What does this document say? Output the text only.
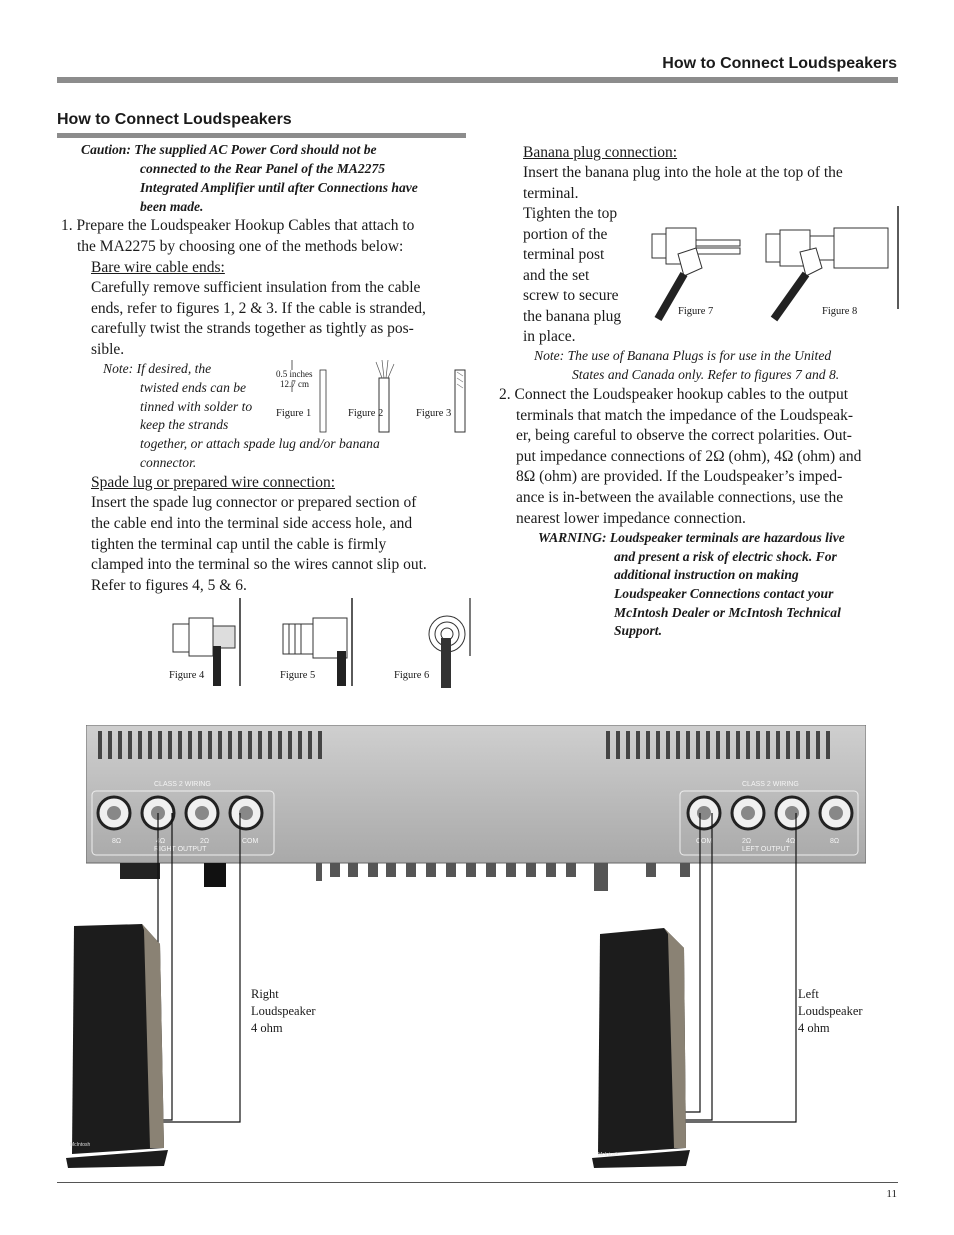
How to Connect Loudspeakers
How to Connect Loudspeakers
Caution: The supplied AC Power Cord should not be
connected to the Rear Panel of the MA2275
Integrated Amplifier until after Connections have
been made.
1. Prepare the Loudspeaker Hookup Cables that attach to
the MA2275 by choosing one of the methods below:
Bare wire cable ends:
Carefully remove sufficient insulation from the cable
ends, refer to figures 1, 2 & 3. If the cable is stranded,
carefully twist the strands together as tightly as pos-
sible.
Note: If desired, the
twisted ends can be
tinned with solder to
keep the strands
together, or attach spade lug and/or banana
connector.
0.5 inches
12.7 cm
Figure 1	Figure 2	Figure 3
Spade lug or prepared wire connection:
Insert the spade lug connector or prepared section of
the cable end into the terminal side access hole, and
tighten the terminal cap until the cable is firmly
clamped into the terminal so the wires cannot slip out.
Refer to figures 4, 5 & 6.
Figure 4	Figure 5	Figure 6
Banana plug connection:
Insert the banana plug into the hole at the top of the
terminal.
Tighten the top
portion of the
terminal post
and the set
screw to secure
the banana plug
in place.
Figure 7	Figure 8
Note: The use of Banana Plugs is for use in the United
States and Canada only. Refer to figures 7 and 8.
2. Connect the Loudspeaker hookup cables to the output
terminals that match the impedance of the Loudspeak-
er, being careful to observe the correct polarities. Out-
put impedance connections of 2Ω (ohm), 4Ω (ohm) and
8Ω (ohm) are provided. If the Loudspeaker’s imped-
ance is in-between the available connections, use the
nearest lower impedance connection.
WARNING: Loudspeaker terminals are hazardous live
and present a risk of electric shock. For
additional instruction on making
Loudspeaker Connections contact your
McIntosh Dealer or McIntosh Technical
Support.
CLASS 2 WIRING	CLASS 2 WIRING
8Ω	4Ω	2Ω	COM
RIGHT OUTPUT
COM	2Ω	4Ω	8Ω
LEFT OUTPUT
McIntosh
Right
Loudspeaker
4 ohm
McIntosh
Left
Loudspeaker
4 ohm
11
